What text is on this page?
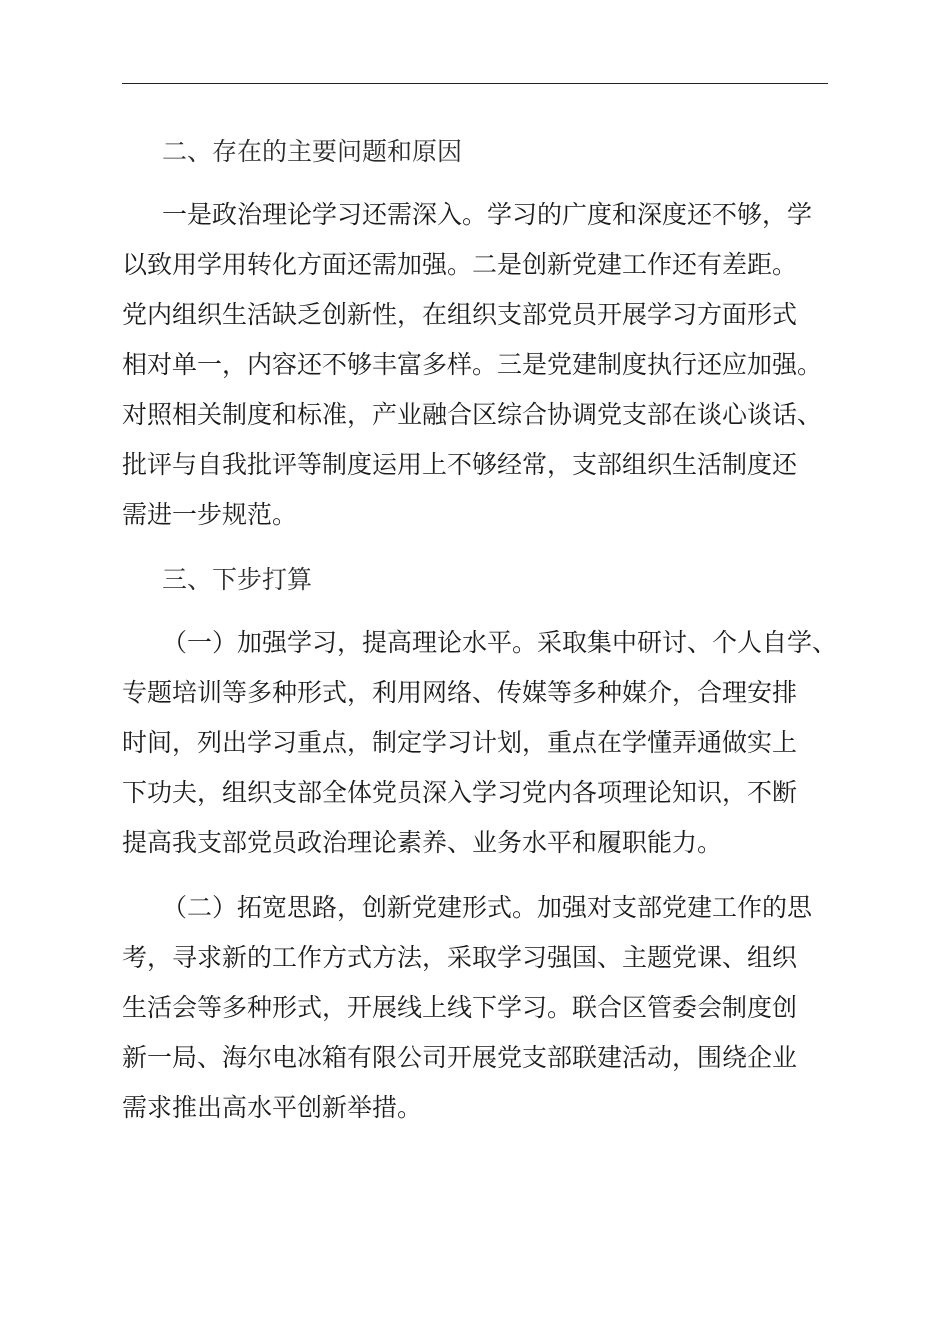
二、存在的主要问题和原因

一是政治理论学习还需深入。学习的广度和深度还不够，学
以致用学用转化方面还需加强。二是创新党建工作还有差距。
党内组织生活缺乏创新性，在组织支部党员开展学习方面形式
相对单一，内容还不够丰富多样。三是党建制度执行还应加强。
对照相关制度和标准，产业融合区综合协调党支部在谈心谈话、
批评与自我批评等制度运用上不够经常，支部组织生活制度还
需进一步规范。

三、下步打算

（一）加强学习，提高理论水平。采取集中研讨、个人自学、
专题培训等多种形式，利用网络、传媒等多种媒介，合理安排
时间，列出学习重点，制定学习计划，重点在学懂弄通做实上
下功夫，组织支部全体党员深入学习党内各项理论知识，不断
提高我支部党员政治理论素养、业务水平和履职能力。

（二）拓宽思路，创新党建形式。加强对支部党建工作的思
考，寻求新的工作方式方法，采取学习强国、主题党课、组织
生活会等多种形式，开展线上线下学习。联合区管委会制度创
新一局、海尔电冰箱有限公司开展党支部联建活动，围绕企业
需求推出高水平创新举措。
